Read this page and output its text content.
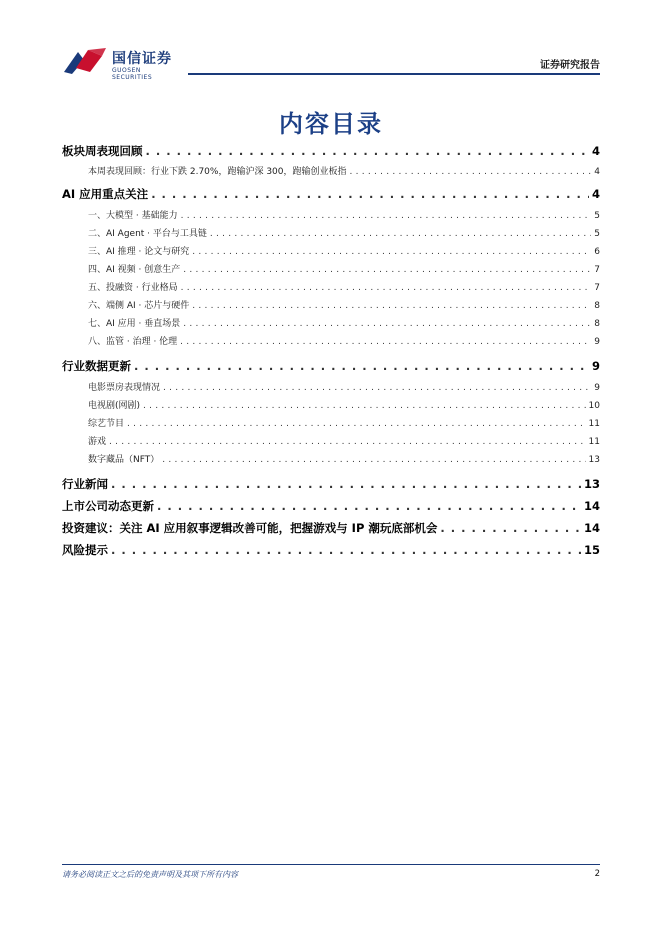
国信证券
GUOSEN SECURITIES
证券研究报告
内容目录
板块周表现回顾 . . .	4
本周表现回顾：行业下跌 2.70%，跑输沪深 300，跑输创业板指 . . .	4
AI 应用重点关注 . . .	4
一、大模型 · 基础能力 . . .	5
二、AI Agent · 平台与工具链 . . .	5
三、AI 推理 · 论文与研究 . . .	6
四、AI 视频 · 创意生产 . . .	7
五、投融资 · 行业格局 . . .	7
六、端侧 AI · 芯片与硬件 . . .	8
七、AI 应用 · 垂直场景 . . .	8
八、监管 · 治理 · 伦理 . . .	9
行业数据更新 . . .	9
电影票房表现情况 . . .	9
电视剧(网剧) . . .	10
综艺节目 . . .	11
游戏 . . .	11
数字藏品（NFT） . . .	13
行业新闻 . . .	13
上市公司动态更新 . . .	14
投资建议：关注 AI 应用叙事逻辑改善可能，把握游戏与 IP 潮玩底部机会 . . .	14
风险提示 . . .	15
请务必阅读正文之后的免责声明及其项下所有内容	2
